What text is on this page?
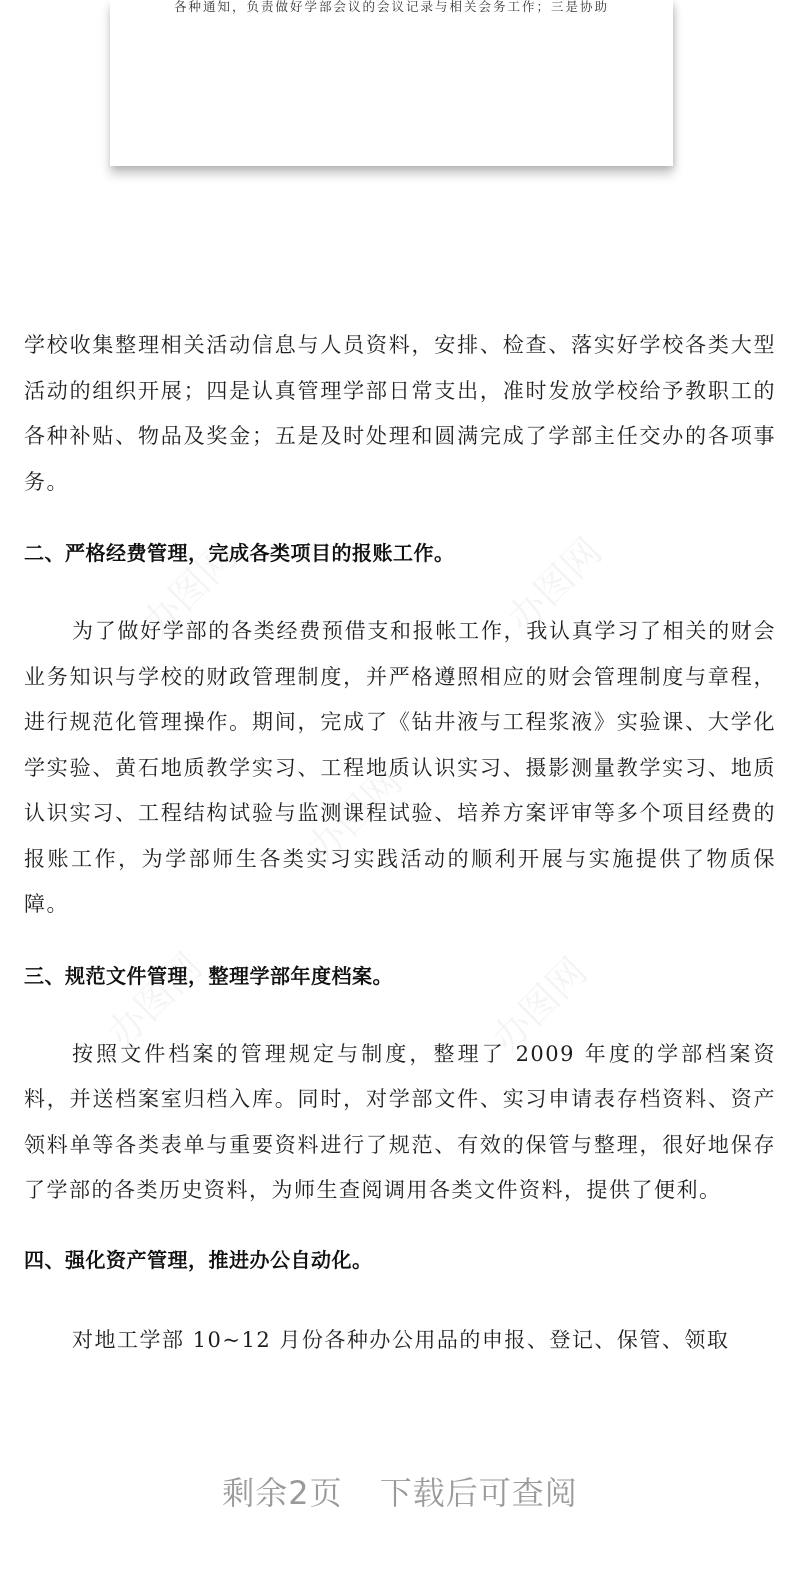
各种通知，负责做好学部会议的会议记录与相关会务工作；三是协助

学校收集整理相关活动信息与人员资料，安排、检查、落实好学校各类大型活动的组织开展；四是认真管理学部日常支出，准时发放学校给予教职工的各种补贴、物品及奖金；五是及时处理和圆满完成了学部主任交办的各项事务。

二、严格经费管理，完成各类项目的报账工作。

为了做好学部的各类经费预借支和报帐工作，我认真学习了相关的财会业务知识与学校的财政管理制度，并严格遵照相应的财会管理制度与章程，进行规范化管理操作。期间，完成了《钻井液与工程浆液》实验课、大学化学实验、黄石地质教学实习、工程地质认识实习、摄影测量教学实习、地质认识实习、工程结构试验与监测课程试验、培养方案评审等多个项目经费的报账工作，为学部师生各类实习实践活动的顺利开展与实施提供了物质保障。

三、规范文件管理，整理学部年度档案。

按照文件档案的管理规定与制度，整理了 2009 年度的学部档案资料，并送档案室归档入库。同时，对学部文件、实习申请表存档资料、资产领料单等各类表单与重要资料进行了规范、有效的保管与整理，很好地保存了学部的各类历史资料，为师生查阅调用各类文件资料，提供了便利。

四、强化资产管理，推进办公自动化。

对地工学部 10~12 月份各种办公用品的申报、登记、保管、领取

剩余2页 下载后可查阅
